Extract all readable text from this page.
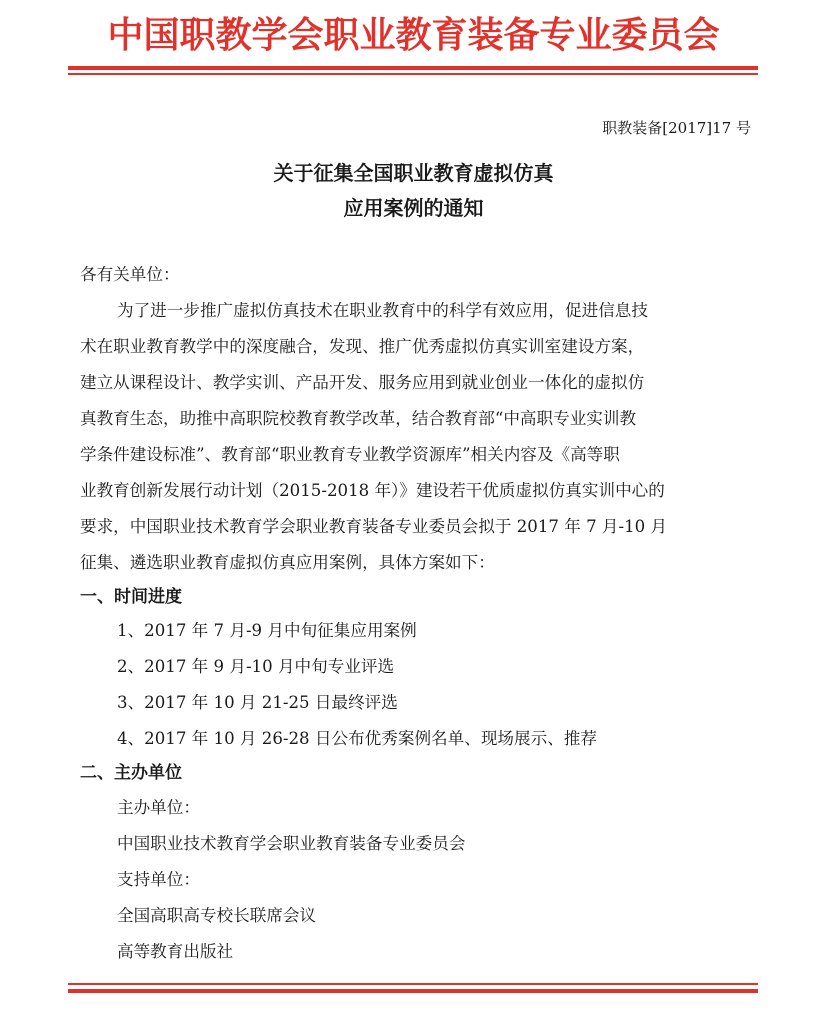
中国职教学会职业教育装备专业委员会
职教装备[2017]17 号
关于征集全国职业教育虚拟仿真
应用案例的通知
各有关单位：
为了进一步推广虚拟仿真技术在职业教育中的科学有效应用，促进信息技
术在职业教育教学中的深度融合，发现、推广优秀虚拟仿真实训室建设方案，
建立从课程设计、教学实训、产品开发、服务应用到就业创业一体化的虚拟仿
真教育生态，助推中高职院校教育教学改革，结合教育部“中高职专业实训教
学条件建设标准”、教育部“职业教育专业教学资源库”相关内容及《高等职
业教育创新发展行动计划（2015-2018 年）》建设若干优质虚拟仿真实训中心的
要求，中国职业技术教育学会职业教育装备专业委员会拟于 2017 年 7 月-10 月
征集、遴选职业教育虚拟仿真应用案例，具体方案如下：
一、时间进度
1、2017 年 7 月-9 月中旬征集应用案例
2、2017 年 9 月-10 月中旬专业评选
3、2017 年 10 月 21-25 日最终评选
4、2017 年 10 月 26-28 日公布优秀案例名单、现场展示、推荐
二、主办单位
主办单位：
中国职业技术教育学会职业教育装备专业委员会
支持单位：
全国高职高专校长联席会议
高等教育出版社
